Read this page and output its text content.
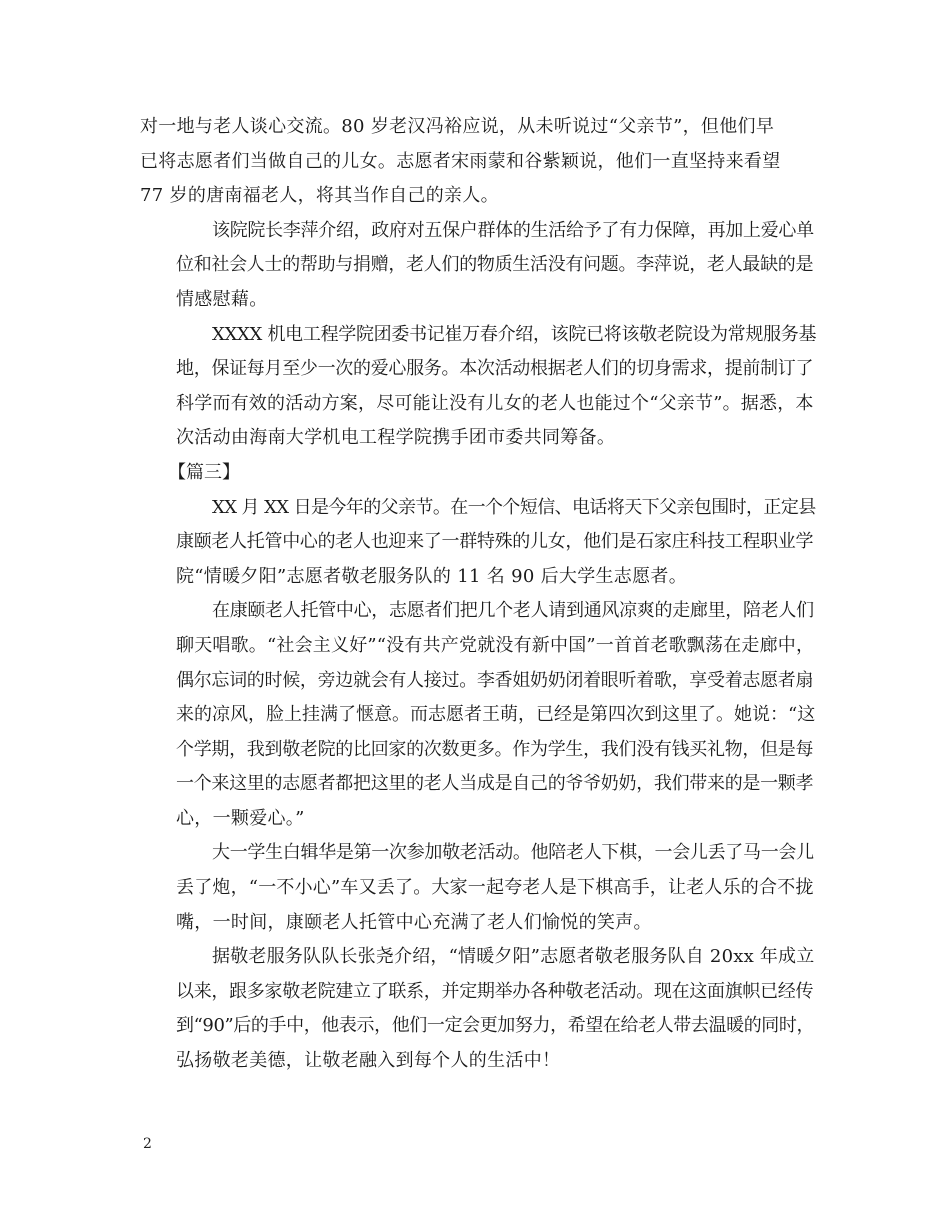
对一地与老人谈心交流。80 岁老汉冯裕应说，从未听说过“父亲节”，但他们早
已将志愿者们当做自己的儿女。志愿者宋雨蒙和谷紫颖说，他们一直坚持来看望
77 岁的唐南福老人，将其当作自己的亲人。

该院院长李萍介绍，政府对五保户群体的生活给予了有力保障，再加上爱心单
位和社会人士的帮助与捐赠，老人们的物质生活没有问题。李萍说，老人最缺的是
情感慰藉。

XXXX 机电工程学院团委书记崔万春介绍，该院已将该敬老院设为常规服务基
地，保证每月至少一次的爱心服务。本次活动根据老人们的切身需求，提前制订了
科学而有效的活动方案，尽可能让没有儿女的老人也能过个“父亲节”。据悉，本
次活动由海南大学机电工程学院携手团市委共同筹备。

【篇三】

XX 月 XX 日是今年的父亲节。在一个个短信、电话将天下父亲包围时，正定县
康颐老人托管中心的老人也迎来了一群特殊的儿女，他们是石家庄科技工程职业学
院“情暖夕阳”志愿者敬老服务队的 11 名 90 后大学生志愿者。

在康颐老人托管中心，志愿者们把几个老人请到通风凉爽的走廊里，陪老人们
聊天唱歌。“社会主义好”“没有共产党就没有新中国”一首首老歌飘荡在走廊中，
偶尔忘词的时候，旁边就会有人接过。李香姐奶奶闭着眼听着歌，享受着志愿者扇
来的凉风，脸上挂满了惬意。而志愿者王萌，已经是第四次到这里了。她说：“这
个学期，我到敬老院的比回家的次数更多。作为学生，我们没有钱买礼物，但是每
一个来这里的志愿者都把这里的老人当成是自己的爷爷奶奶，我们带来的是一颗孝
心，一颗爱心。”

大一学生白辑华是第一次参加敬老活动。他陪老人下棋，一会儿丢了马一会儿
丢了炮，“一不小心”车又丢了。大家一起夸老人是下棋高手，让老人乐的合不拢
嘴，一时间，康颐老人托管中心充满了老人们愉悦的笑声。

据敬老服务队队长张尧介绍，“情暖夕阳”志愿者敬老服务队自 20xx 年成立
以来，跟多家敬老院建立了联系，并定期举办各种敬老活动。现在这面旗帜已经传
到“90”后的手中，他表示，他们一定会更加努力，希望在给老人带去温暖的同时，
弘扬敬老美德，让敬老融入到每个人的生活中！

2
